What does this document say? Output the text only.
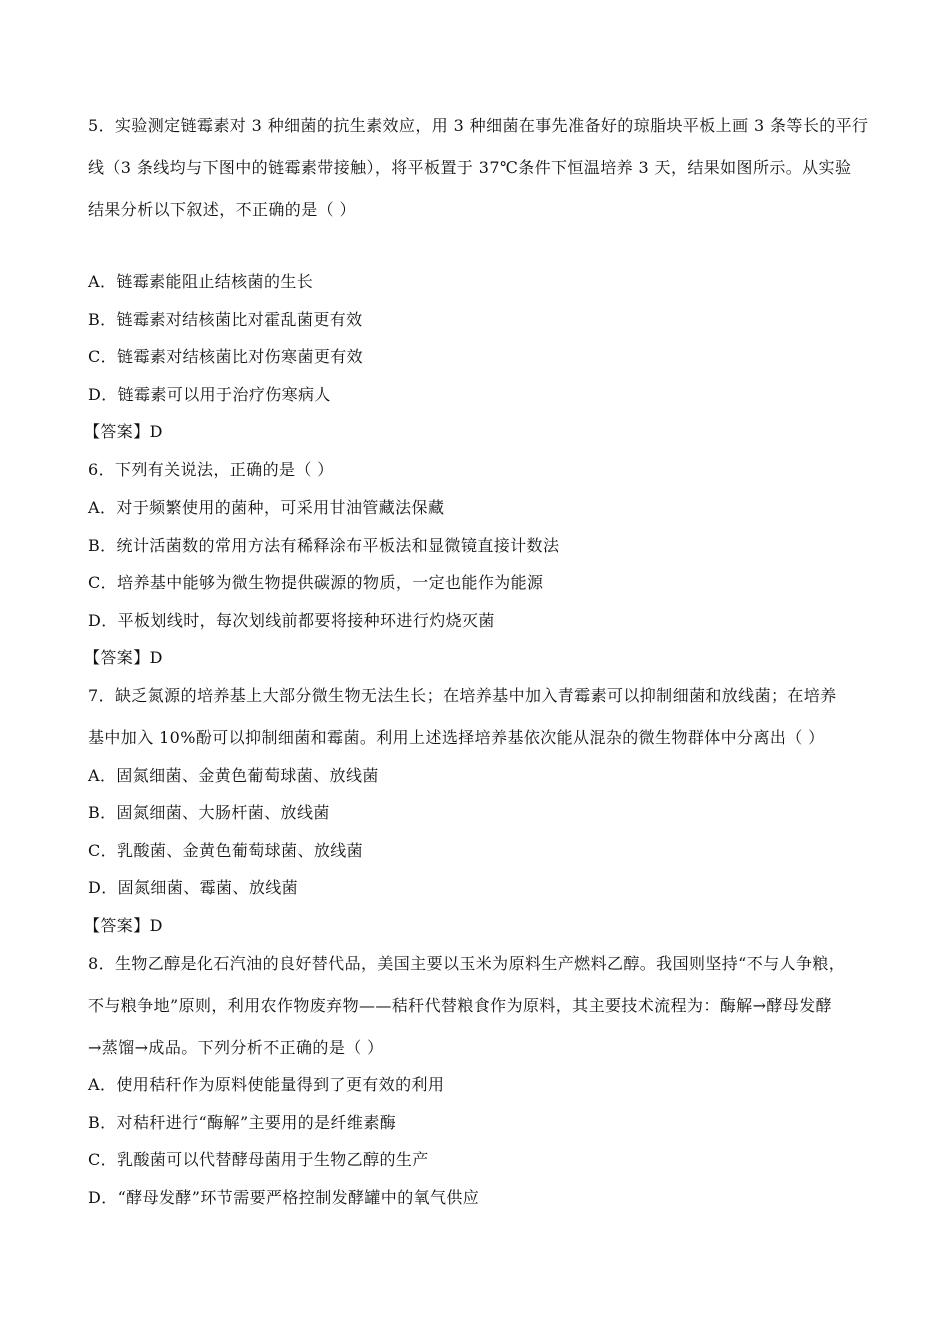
5．实验测定链霉素对 3 种细菌的抗生素效应，用 3 种细菌在事先准备好的琼脂块平板上画 3 条等长的平行
线（3 条线均与下图中的链霉素带接触），将平板置于 37℃条件下恒温培养 3 天，结果如图所示。从实验
结果分析以下叙述，不正确的是（ ）
A．链霉素能阻止结核菌的生长
B．链霉素对结核菌比对霍乱菌更有效
C．链霉素对结核菌比对伤寒菌更有效
D．链霉素可以用于治疗伤寒病人
【答案】D
6．下列有关说法，正确的是（ ）
A．对于频繁使用的菌种，可采用甘油管藏法保藏
B．统计活菌数的常用方法有稀释涂布平板法和显微镜直接计数法
C．培养基中能够为微生物提供碳源的物质，一定也能作为能源
D．平板划线时，每次划线前都要将接种环进行灼烧灭菌
【答案】D
7．缺乏氮源的培养基上大部分微生物无法生长；在培养基中加入青霉素可以抑制细菌和放线菌；在培养
基中加入 10%酚可以抑制细菌和霉菌。利用上述选择培养基依次能从混杂的微生物群体中分离出（ ）
A．固氮细菌、金黄色葡萄球菌、放线菌
B．固氮细菌、大肠杆菌、放线菌
C．乳酸菌、金黄色葡萄球菌、放线菌
D．固氮细菌、霉菌、放线菌
【答案】D
8．生物乙醇是化石汽油的良好替代品，美国主要以玉米为原料生产燃料乙醇。我国则坚持“不与人争粮，
不与粮争地”原则，利用农作物废弃物——秸秆代替粮食作为原料，其主要技术流程为：酶解→酵母发酵
→蒸馏→成品。下列分析不正确的是（ ）
A．使用秸秆作为原料使能量得到了更有效的利用
B．对秸秆进行“酶解”主要用的是纤维素酶
C．乳酸菌可以代替酵母菌用于生物乙醇的生产
D．“酵母发酵”环节需要严格控制发酵罐中的氧气供应
